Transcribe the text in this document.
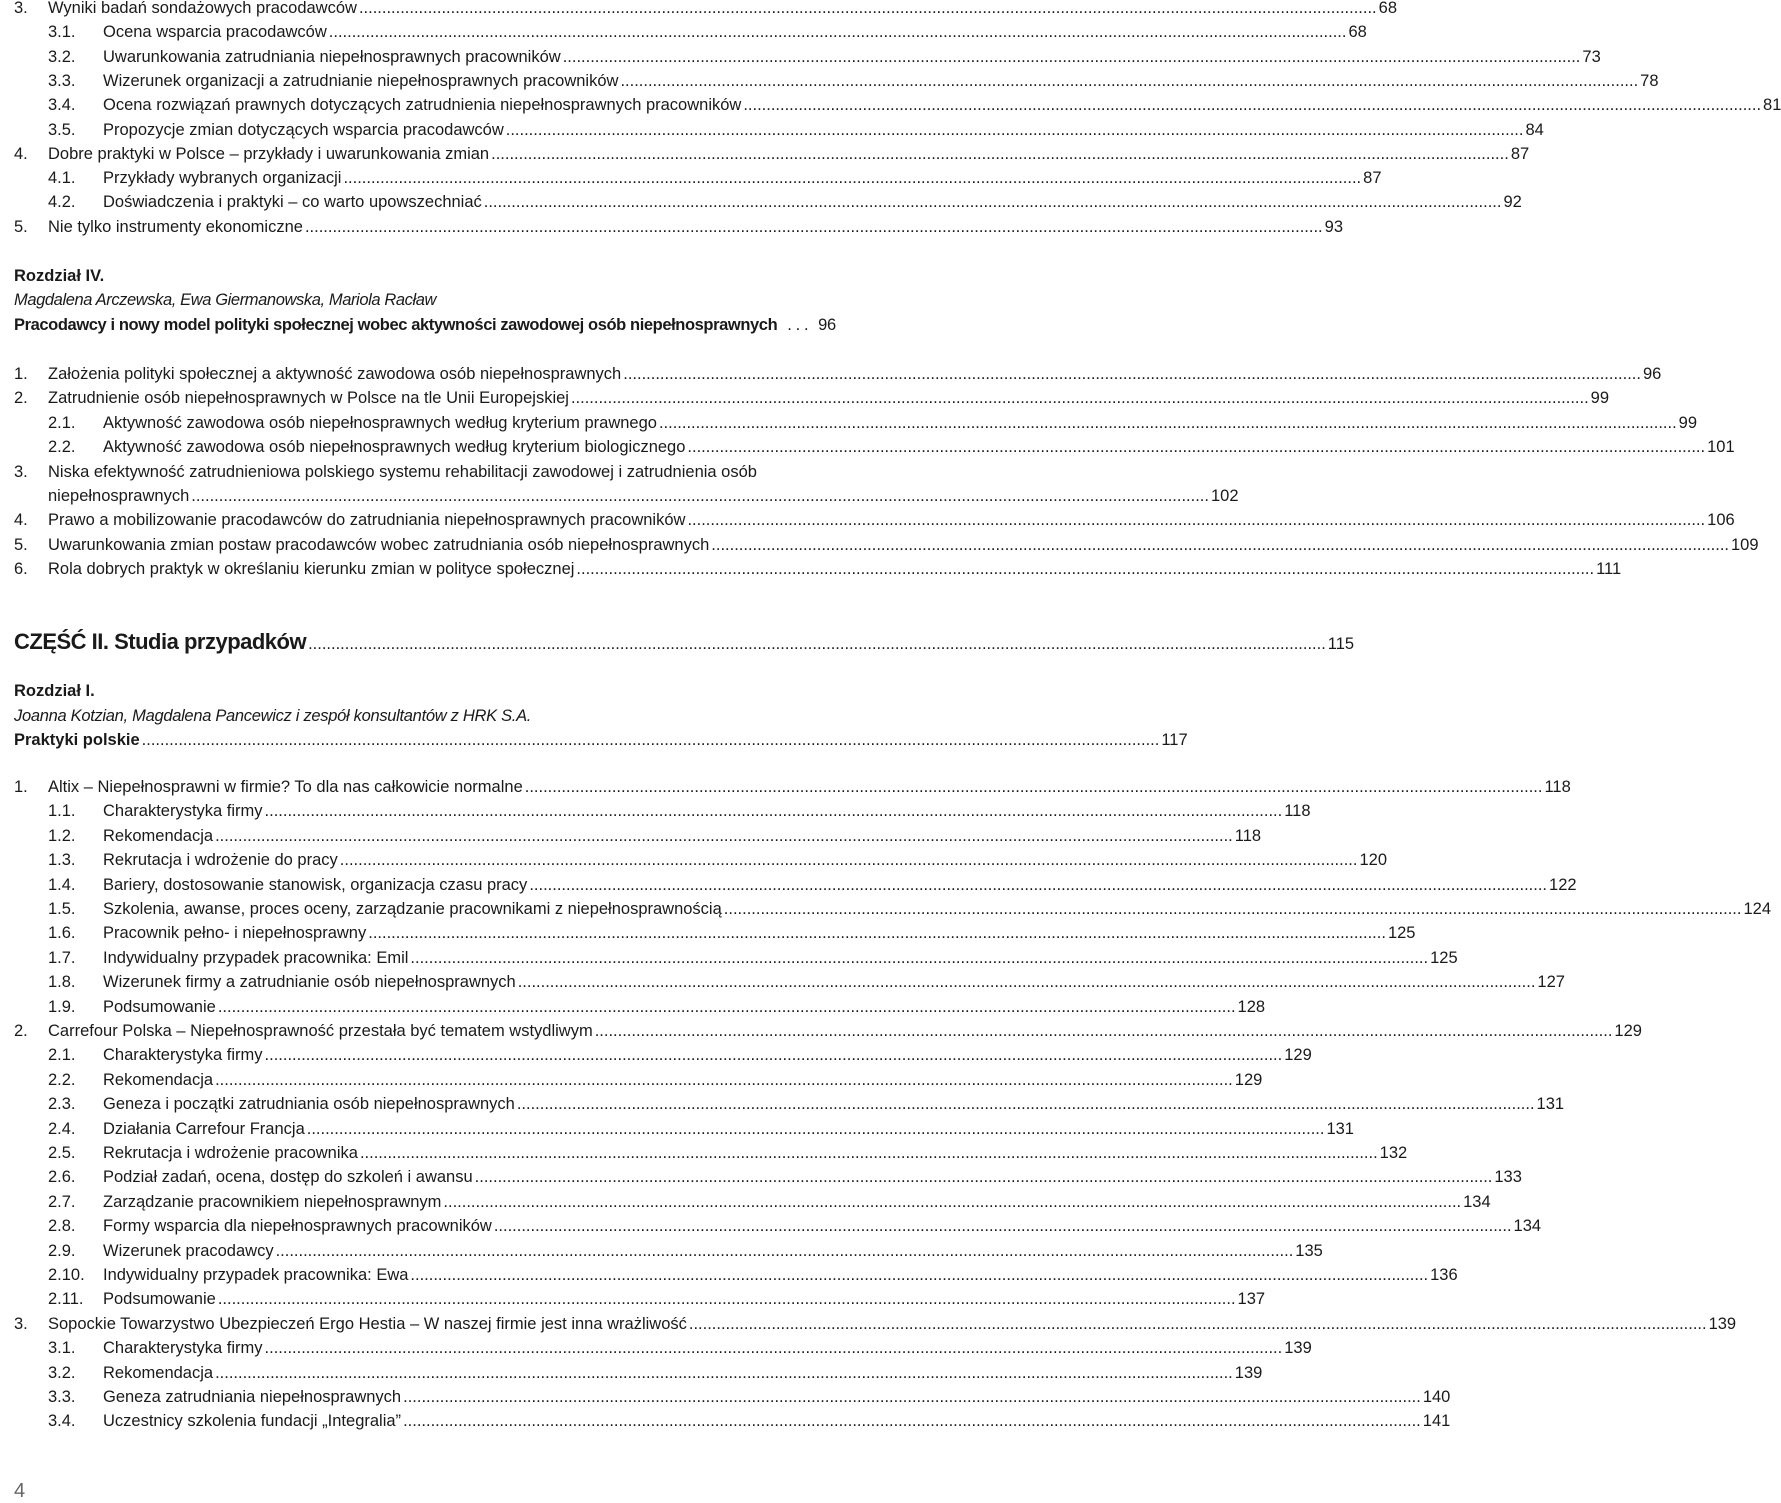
3. Wyniki badań sondażowych pracodawców .....	68
3.1. Ocena wsparcia pracodawców .....	68
3.2. Uwarunkowania zatrudniania niepełnosprawnych pracowników .....	73
3.3. Wizerunek organizacji a zatrudnianie niepełnosprawnych pracowników .....	78
3.4. Ocena rozwiązań prawnych dotyczących zatrudnienia niepełnosprawnych pracowników .....	81
3.5. Propozycje zmian dotyczących wsparcia pracodawców .....	84
4. Dobre praktyki w Polsce – przykłady i uwarunkowania zmian .....	87
4.1. Przykłady wybranych organizacji .....	87
4.2. Doświadczenia i praktyki – co warto upowszechniać .....	92
5. Nie tylko instrumenty ekonomiczne .....	93
Rozdział IV.
Magdalena Arczewska, Ewa Giermanowska, Mariola Racław
Pracodawcy i nowy model polityki społecznej wobec aktywności zawodowej osób niepełnosprawnych . . . 96
1. Założenia polityki społecznej a aktywność zawodowa osób niepełnosprawnych .....	96
2. Zatrudnienie osób niepełnosprawnych w Polsce na tle Unii Europejskiej .....	99
2.1. Aktywność zawodowa osób niepełnosprawnych według kryterium prawnego .....	99
2.2. Aktywność zawodowa osób niepełnosprawnych według kryterium biologicznego .....	101
3. Niska efektywność zatrudnieniowa polskiego systemu rehabilitacji zawodowej i zatrudnienia osób
niepełnosprawnych .....	102
4. Prawo a mobilizowanie pracodawców do zatrudniania niepełnosprawnych pracowników .....	106
5. Uwarunkowania zmian postaw pracodawców wobec zatrudniania osób niepełnosprawnych .....	109
6. Rola dobrych praktyk w określaniu kierunku zmian w polityce społecznej .....	111
CZĘŚĆ II. Studia przypadków .....	115
Rozdział I.
Joanna Kotzian, Magdalena Pancewicz i zespół konsultantów z HRK S.A.
Praktyki polskie .....	117
1. Altix – Niepełnosprawni w firmie? To dla nas całkowicie normalne .....	118
1.1. Charakterystyka firmy .....	118
1.2. Rekomendacja .....	118
1.3. Rekrutacja i wdrożenie do pracy .....	120
1.4. Bariery, dostosowanie stanowisk, organizacja czasu pracy .....	122
1.5. Szkolenia, awanse, proces oceny, zarządzanie pracownikami z niepełnosprawnością .....	124
1.6. Pracownik pełno- i niepełnosprawny .....	125
1.7. Indywidualny przypadek pracownika: Emil .....	125
1.8. Wizerunek firmy a zatrudnianie osób niepełnosprawnych .....	127
1.9. Podsumowanie .....	128
2. Carrefour Polska – Niepełnosprawność przestała być tematem wstydliwym .....	129
2.1. Charakterystyka firmy .....	129
2.2. Rekomendacja .....	129
2.3. Geneza i początki zatrudniania osób niepełnosprawnych .....	131
2.4. Działania Carrefour Francja .....	131
2.5. Rekrutacja i wdrożenie pracownika .....	132
2.6. Podział zadań, ocena, dostęp do szkoleń i awansu .....	133
2.7. Zarządzanie pracownikiem niepełnosprawnym .....	134
2.8. Formy wsparcia dla niepełnosprawnych pracowników .....	134
2.9. Wizerunek pracodawcy .....	135
2.10. Indywidualny przypadek pracownika: Ewa .....	136
2.11. Podsumowanie .....	137
3. Sopockie Towarzystwo Ubezpieczeń Ergo Hestia – W naszej firmie jest inna wrażliwość .....	139
3.1. Charakterystyka firmy .....	139
3.2. Rekomendacja .....	139
3.3. Geneza zatrudniania niepełnosprawnych .....	140
3.4. Uczestnicy szkolenia fundacji „Integralia” .....	141
4
